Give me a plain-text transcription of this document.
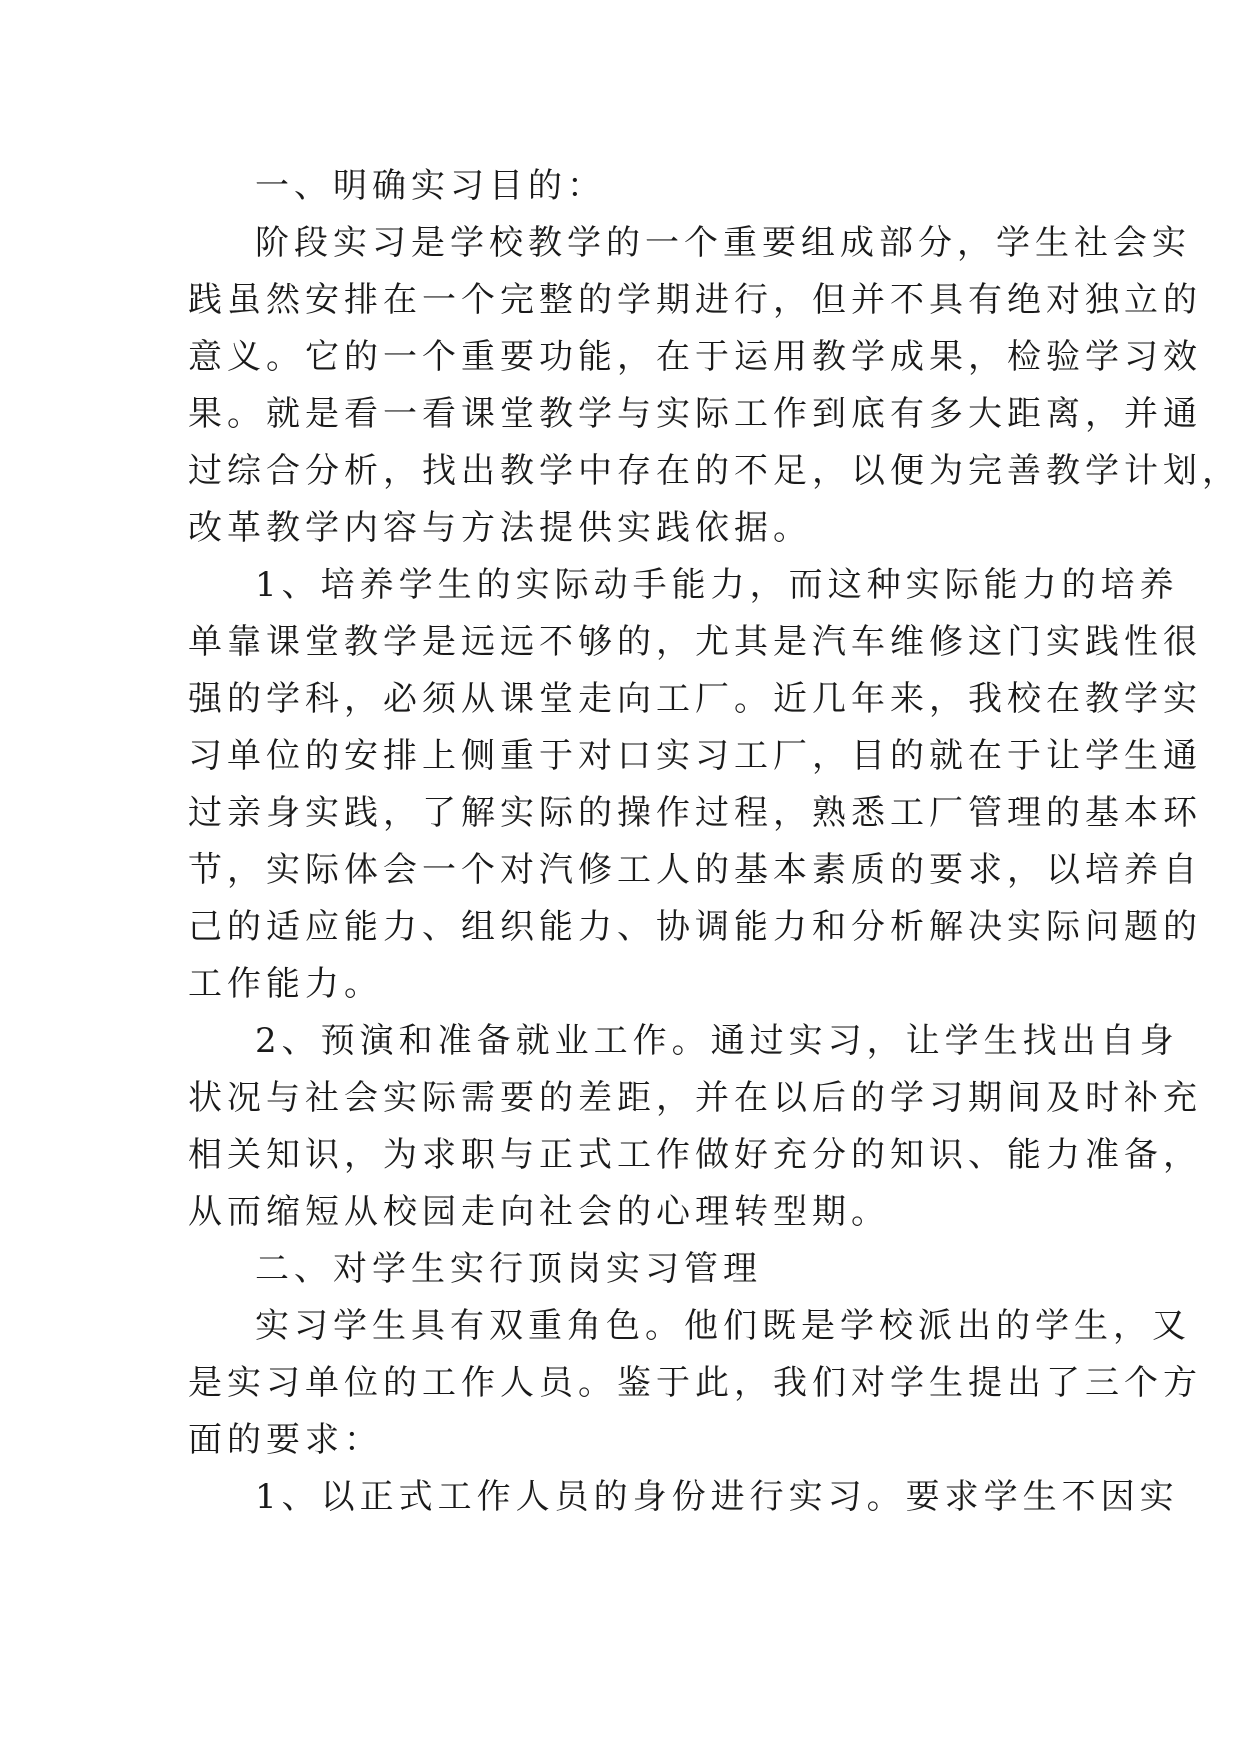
一、明确实习目的：
阶段实习是学校教学的一个重要组成部分，学生社会实
践虽然安排在一个完整的学期进行，但并不具有绝对独立的
意义。它的一个重要功能，在于运用教学成果，检验学习效
果。就是看一看课堂教学与实际工作到底有多大距离，并通
过综合分析，找出教学中存在的不足，以便为完善教学计划，
改革教学内容与方法提供实践依据。
1、培养学生的实际动手能力，而这种实际能力的培养
单靠课堂教学是远远不够的，尤其是汽车维修这门实践性很
强的学科，必须从课堂走向工厂。近几年来，我校在教学实
习单位的安排上侧重于对口实习工厂，目的就在于让学生通
过亲身实践，了解实际的操作过程，熟悉工厂管理的基本环
节，实际体会一个对汽修工人的基本素质的要求，以培养自
己的适应能力、组织能力、协调能力和分析解决实际问题的
工作能力。
2、预演和准备就业工作。通过实习，让学生找出自身
状况与社会实际需要的差距，并在以后的学习期间及时补充
相关知识，为求职与正式工作做好充分的知识、能力准备，
从而缩短从校园走向社会的心理转型期。
二、对学生实行顶岗实习管理
实习学生具有双重角色。他们既是学校派出的学生，又
是实习单位的工作人员。鉴于此，我们对学生提出了三个方
面的要求：
1、以正式工作人员的身份进行实习。要求学生不因实
